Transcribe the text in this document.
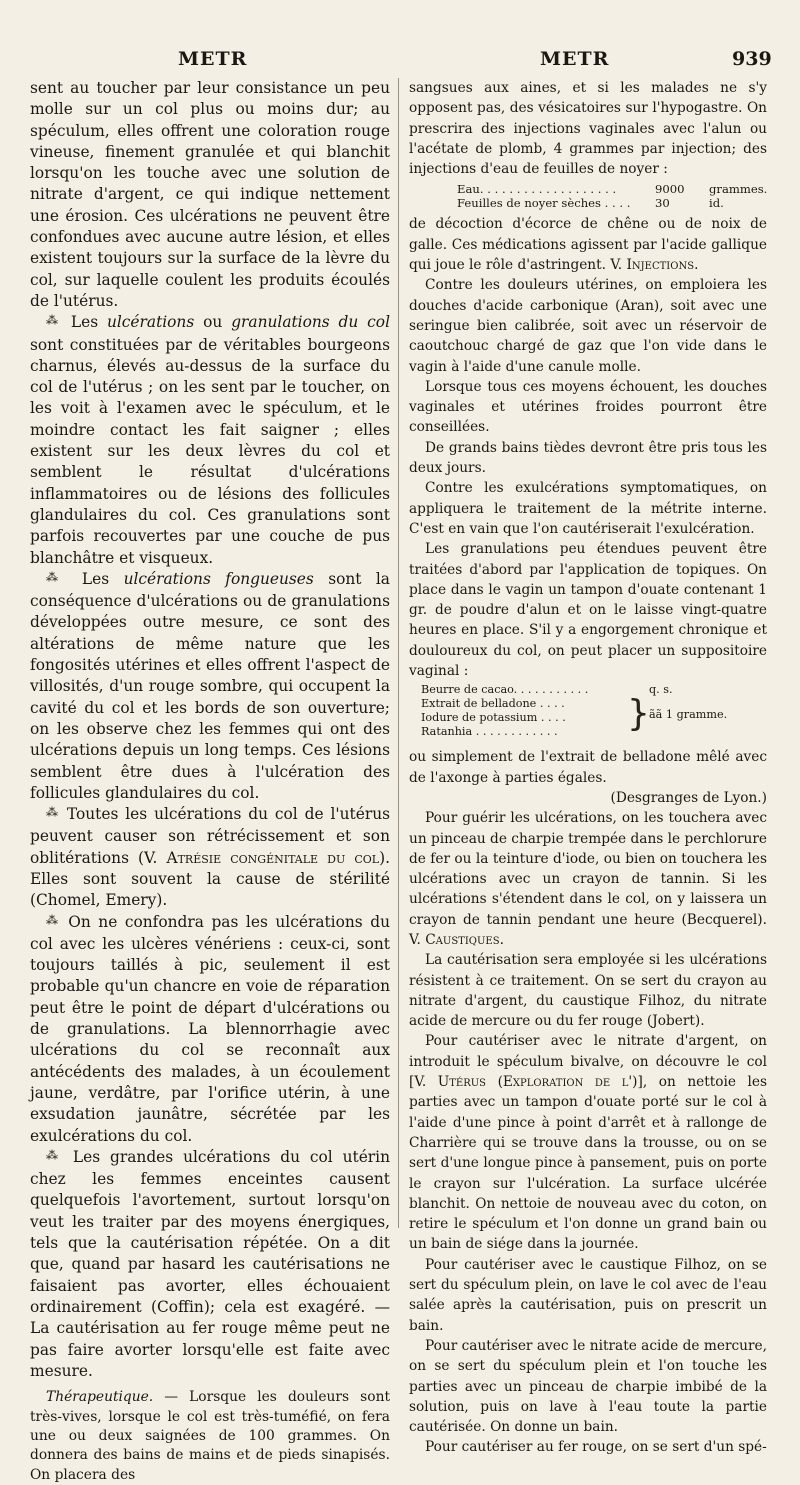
METR	METR	939

sent au toucher par leur consistance un peu molle sur un col plus ou moins dur; au spéculum, elles offrent une coloration rouge vineuse, finement granulée et qui blanchit lorsqu'on les touche avec une solution de nitrate d'argent, ce qui indique nettement une érosion. Ces ulcérations ne peuvent être confondues avec aucune autre lésion, et elles existent toujours sur la surface de la lèvre du col, sur laquelle coulent les produits écoulés de l'utérus.

⁂ Les ulcérations ou granulations du col sont constituées par de véritables bourgeons charnus, élevés au-dessus de la surface du col de l'utérus ; on les sent par le toucher, on les voit à l'examen avec le spéculum, et le moindre contact les fait saigner ; elles existent sur les deux lèvres du col et semblent le résultat d'ulcérations inflammatoires ou de lésions des follicules glandulaires du col. Ces granulations sont parfois recouvertes par une couche de pus blanchâtre et visqueux.

⁂ Les ulcérations fongueuses sont la conséquence d'ulcérations ou de granulations développées outre mesure, ce sont des altérations de même nature que les fongosités utérines et elles offrent l'aspect de villosités, d'un rouge sombre, qui occupent la cavité du col et les bords de son ouverture; on les observe chez les femmes qui ont des ulcérations depuis un long temps. Ces lésions semblent être dues à l'ulcération des follicules glandulaires du col.

⁂ Toutes les ulcérations du col de l'utérus peuvent causer son rétrécissement et son oblitérations (V. Atrésie congénitale du col). Elles sont souvent la cause de stérilité (Chomel, Emery).

⁂ On ne confondra pas les ulcérations du col avec les ulcères vénériens : ceux-ci, sont toujours taillés à pic, seulement il est probable qu'un chancre en voie de réparation peut être le point de départ d'ulcérations ou de granulations. La blennorrhagie avec ulcérations du col se reconnaît aux antécédents des malades, à un écoulement jaune, verdâtre, par l'orifice utérin, à une exsudation jaunâtre, sécrétée par les exulcérations du col.

⁂ Les grandes ulcérations du col utérin chez les femmes enceintes causent quelquefois l'avortement, surtout lorsqu'on veut les traiter par des moyens énergiques, tels que la cautérisation répétée. On a dit que, quand par hasard les cautérisations ne faisaient pas avorter, elles échouaient ordinairement (Coffin); cela est exagéré. — La cautérisation au fer rouge même peut ne pas faire avorter lorsqu'elle est faite avec mesure.

Thérapeutique. — Lorsque les douleurs sont très-vives, lorsque le col est très-tuméfié, on fera une ou deux saignées de 100 grammes. On donnera des bains de mains et de pieds sinapisés. On placera des

sangsues aux aines, et si les malades ne s'y opposent pas, des vésicatoires sur l'hypogastre. On prescrira des injections vaginales avec l'alun ou l'acétate de plomb, 4 grammes par injection; des injections d'eau de feuilles de noyer :

Eau. . . . . . . . . . . . . . . . . . .	9000 grammes.
Feuilles de noyer sèches . . . . 30	id.

de décoction d'écorce de chêne ou de noix de galle. Ces médications agissent par l'acide gallique qui joue le rôle d'astringent. V. Injections.

Contre les douleurs utérines, on emploiera les douches d'acide carbonique (Aran), soit avec une seringue bien calibrée, soit avec un réservoir de caoutchouc chargé de gaz que l'on vide dans le vagin à l'aide d'une canule molle.

Lorsque tous ces moyens échouent, les douches vaginales et utérines froides pourront être conseillées.

De grands bains tièdes devront être pris tous les deux jours.

Contre les exulcérations symptomatiques, on appliquera le traitement de la métrite interne. C'est en vain que l'on cautériserait l'exulcération.

Les granulations peu étendues peuvent être traitées d'abord par l'application de topiques. On place dans le vagin un tampon d'ouate contenant 1 gr. de poudre d'alun et on le laisse vingt-quatre heures en place. S'il y a engorgement chronique et douloureux du col, on peut placer un suppositoire vaginal :

Beurre de cacao. . . . . . . . . . .	q. s.
Extrait de belladone . . . .
Iodure de potassium . . . .
Ratanhia . . . . . . . . . . . . } ãã 1 gramme.

ou simplement de l'extrait de belladone mêlé avec de l'axonge à parties égales.

(Desgranges de Lyon.)

Pour guérir les ulcérations, on les touchera avec un pinceau de charpie trempée dans le perchlorure de fer ou la teinture d'iode, ou bien on touchera les ulcérations avec un crayon de tannin. Si les ulcérations s'étendent dans le col, on y laissera un crayon de tannin pendant une heure (Becquerel). V. Caustiques.

La cautérisation sera employée si les ulcérations résistent à ce traitement. On se sert du crayon au nitrate d'argent, du caustique Filhoz, du nitrate acide de mercure ou du fer rouge (Jobert).

Pour cautériser avec le nitrate d'argent, on introduit le spéculum bivalve, on découvre le col [V. Utérus (Exploration de l')], on nettoie les parties avec un tampon d'ouate porté sur le col à l'aide d'une pince à point d'arrêt et à rallonge de Charrière qui se trouve dans la trousse, ou on se sert d'une longue pince à pansement, puis on porte le crayon sur l'ulcération. La surface ulcérée blanchit. On nettoie de nouveau avec du coton, on retire le spéculum et l'on donne un grand bain ou un bain de siége dans la journée.

Pour cautériser avec le caustique Filhoz, on se sert du spéculum plein, on lave le col avec de l'eau salée après la cautérisation, puis on prescrit un bain.

Pour cautériser avec le nitrate acide de mercure, on se sert du spéculum plein et l'on touche les parties avec un pinceau de charpie imbibé de la solution, puis on lave à l'eau toute la partie cautérisée. On donne un bain.

Pour cautériser au fer rouge, on se sert d'un spé-
